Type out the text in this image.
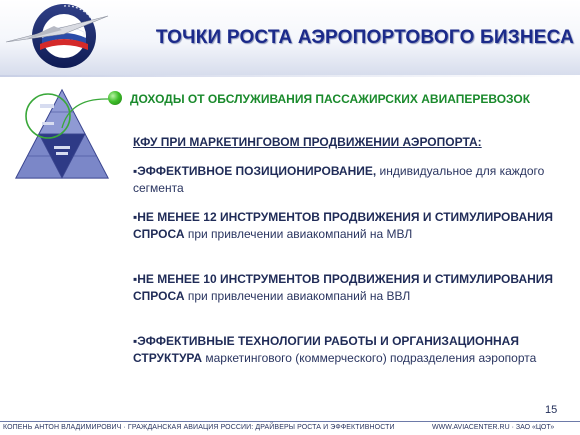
ТОЧКИ РОСТА АЭРОПОРТОВОГО БИЗНЕСА
ДОХОДЫ ОТ ОБСЛУЖИВАНИЯ ПАССАЖИРСКИХ АВИАПЕРЕВОЗОК
КФУ ПРИ МАРКЕТИНГОВОМ ПРОДВИЖЕНИИ АЭРОПОРТА:
▪ЭФФЕКТИВНОЕ ПОЗИЦИОНИРОВАНИЕ, индивидуальное для каждого сегмента
▪НЕ МЕНЕЕ 12 ИНСТРУМЕНТОВ ПРОДВИЖЕНИЯ И СТИМУЛИРОВАНИЯ СПРОСА при привлечении авиакомпаний на МВЛ
▪НЕ МЕНЕЕ 10 ИНСТРУМЕНТОВ ПРОДВИЖЕНИЯ И СТИМУЛИРОВАНИЯ СПРОСА при привлечении авиакомпаний на ВВЛ
▪ЭФФЕКТИВНЫЕ ТЕХНОЛОГИИ РАБОТЫ И ОРГАНИЗАЦИОННАЯ СТРУКТУРА маркетингового (коммерческого) подразделения аэропорта
15
КОПЕНЬ АНТОН ВЛАДИМИРОВИЧ · ГРАЖДАНСКАЯ АВИАЦИЯ РОССИИ: ДРАЙВЕРЫ РОСТА И ЭФФЕКТИВНОСТИ	WWW.AVIACENTER.RU · ЗАО «ЦОТ»
